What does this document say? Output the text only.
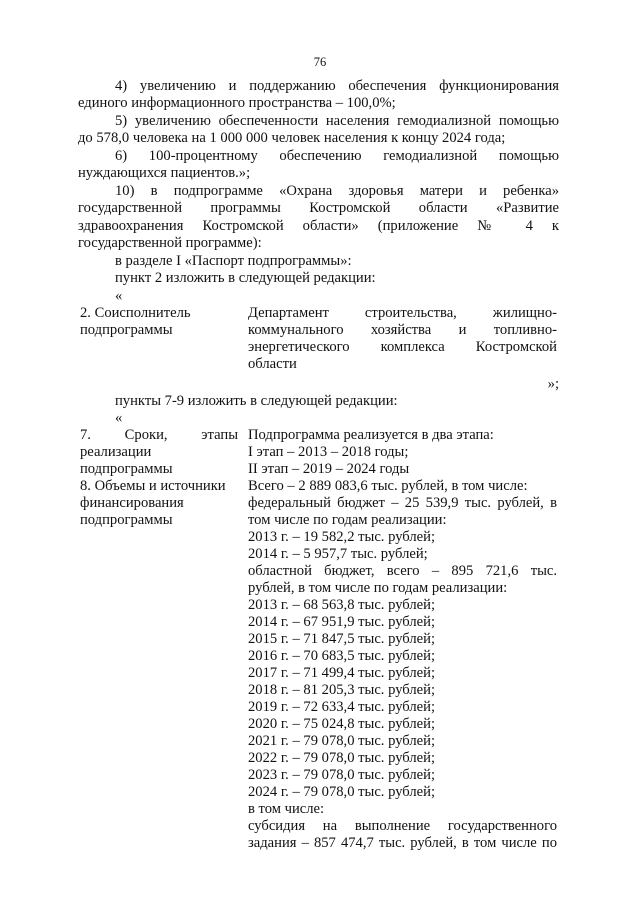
76
4) увеличению и поддержанию обеспечения функционирования
единого информационного пространства – 100,0%;
5) увеличению обеспеченности населения гемодиализной помощью
до 578,0 человека на 1 000 000 человек населения к концу 2024 года;
6) 100-процентному обеспечению гемодиализной помощью
нуждающихся пациентов.»;
10) в подпрограмме «Охрана здоровья матери и ребенка»
государственной программы Костромской области «Развитие
здравоохранения Костромской области» (приложение № 4 к
государственной программе):
в разделе I «Паспорт подпрограммы»:
пункт 2 изложить в следующей редакции:
«
2. Соисполнитель
подпрограммы
Департамент строительства, жилищно-
коммунального хозяйства и топливно-
энергетического комплекса Костромской
области
»;
пункты 7-9 изложить в следующей редакции:
«
7. Сроки, этапы
реализации
подпрограммы
Подпрограмма реализуется в два этапа:
I этап – 2013 – 2018 годы;
II этап – 2019 – 2024 годы
8. Объемы и источники
финансирования
подпрограммы
Всего – 2 889 083,6 тыс. рублей, в том числе:
федеральный бюджет – 25 539,9 тыс. рублей, в
том числе по годам реализации:
2013 г. – 19 582,2 тыс. рублей;
2014 г. – 5 957,7 тыс. рублей;
областной бюджет, всего – 895 721,6 тыс.
рублей, в том числе по годам реализации:
2013 г. – 68 563,8 тыс. рублей;
2014 г. – 67 951,9 тыс. рублей;
2015 г. – 71 847,5 тыс. рублей;
2016 г. – 70 683,5 тыс. рублей;
2017 г. – 71 499,4 тыс. рублей;
2018 г. – 81 205,3 тыс. рублей;
2019 г. – 72 633,4 тыс. рублей;
2020 г. – 75 024,8 тыс. рублей;
2021 г. – 79 078,0 тыс. рублей;
2022 г. – 79 078,0 тыс. рублей;
2023 г. – 79 078,0 тыс. рублей;
2024 г. – 79 078,0 тыс. рублей;
в том числе:
субсидия на выполнение государственного
задания – 857 474,7 тыс. рублей, в том числе по
